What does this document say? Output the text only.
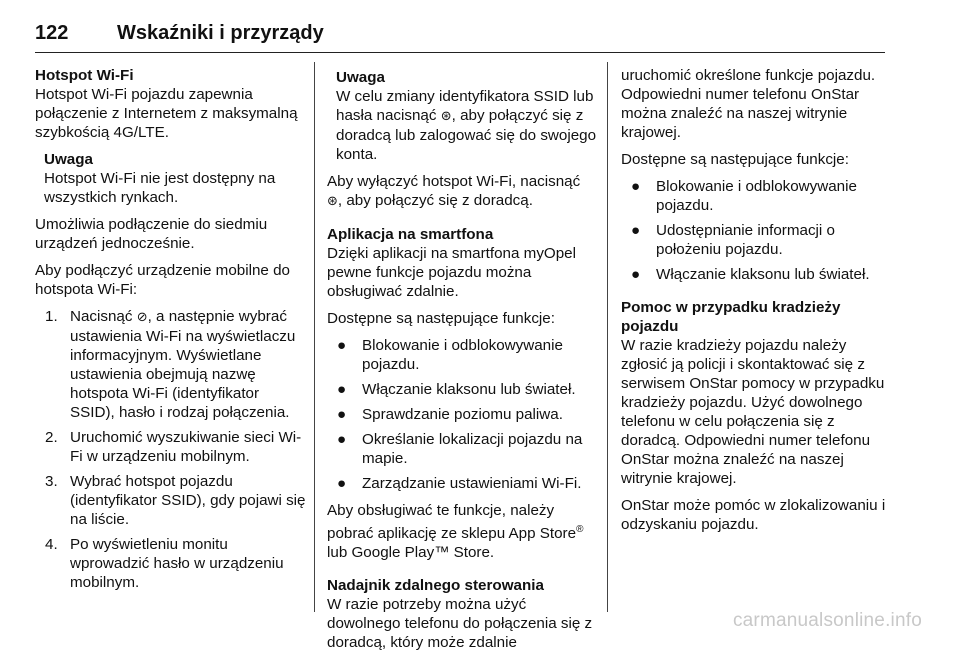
122 Wskaźniki i przyrządy

Hotspot Wi-Fi

Hotspot Wi-Fi pojazdu zapewnia połączenie z Internetem z maksymalną szybkością 4G/LTE.

Uwaga
Hotspot Wi-Fi nie jest dostępny na wszystkich rynkach.

Umożliwia podłączenie do siedmiu urządzeń jednocześnie.

Aby podłączyć urządzenie mobilne do hotspota Wi-Fi:

1. Nacisnąć ⊘, a następnie wybrać ustawienia Wi-Fi na wyświetlaczu informacyjnym. Wyświetlane ustawienia obejmują nazwę hotspota Wi-Fi (identyfikator SSID), hasło i rodzaj połączenia.
2. Uruchomić wyszukiwanie sieci Wi-Fi w urządzeniu mobilnym.
3. Wybrać hotspot pojazdu (identyfikator SSID), gdy pojawi się na liście.
4. Po wyświetleniu monitu wprowadzić hasło w urządzeniu mobilnym.
Uwaga
W celu zmiany identyfikatora SSID lub hasła nacisnąć ⊛, aby połączyć się z doradcą lub zalogować się do swojego konta.

Aby wyłączyć hotspot Wi-Fi, nacisnąć ⊛, aby połączyć się z doradcą.

Aplikacja na smartfona

Dzięki aplikacji na smartfona myOpel pewne funkcje pojazdu można obsługiwać zdalnie.

Dostępne są następujące funkcje:

● Blokowanie i odblokowywanie pojazdu.
● Włączanie klaksonu lub świateł.
● Sprawdzanie poziomu paliwa.
● Określanie lokalizacji pojazdu na mapie.
● Zarządzanie ustawieniami Wi-Fi.

Aby obsługiwać te funkcje, należy pobrać aplikację ze sklepu App Store® lub Google Play™ Store.

Nadajnik zdalnego sterowania

W razie potrzeby można użyć dowolnego telefonu do połączenia się z doradcą, który może zdalnie

uruchomić określone funkcje pojazdu. Odpowiedni numer telefonu OnStar można znaleźć na naszej witrynie krajowej.

Dostępne są następujące funkcje:

● Blokowanie i odblokowywanie pojazdu.
● Udostępnianie informacji o położeniu pojazdu.
● Włączanie klaksonu lub świateł.

Pomoc w przypadku kradzieży pojazdu

W razie kradzieży pojazdu należy zgłosić ją policji i skontaktować się z serwisem OnStar pomocy w przypadku kradzieży pojazdu. Użyć dowolnego telefonu w celu połączenia się z doradcą. Odpowiedni numer telefonu OnStar można znaleźć na naszej witrynie krajowej.

OnStar może pomóc w zlokalizowaniu i odzyskaniu pojazdu.

carmanualsonline.info
